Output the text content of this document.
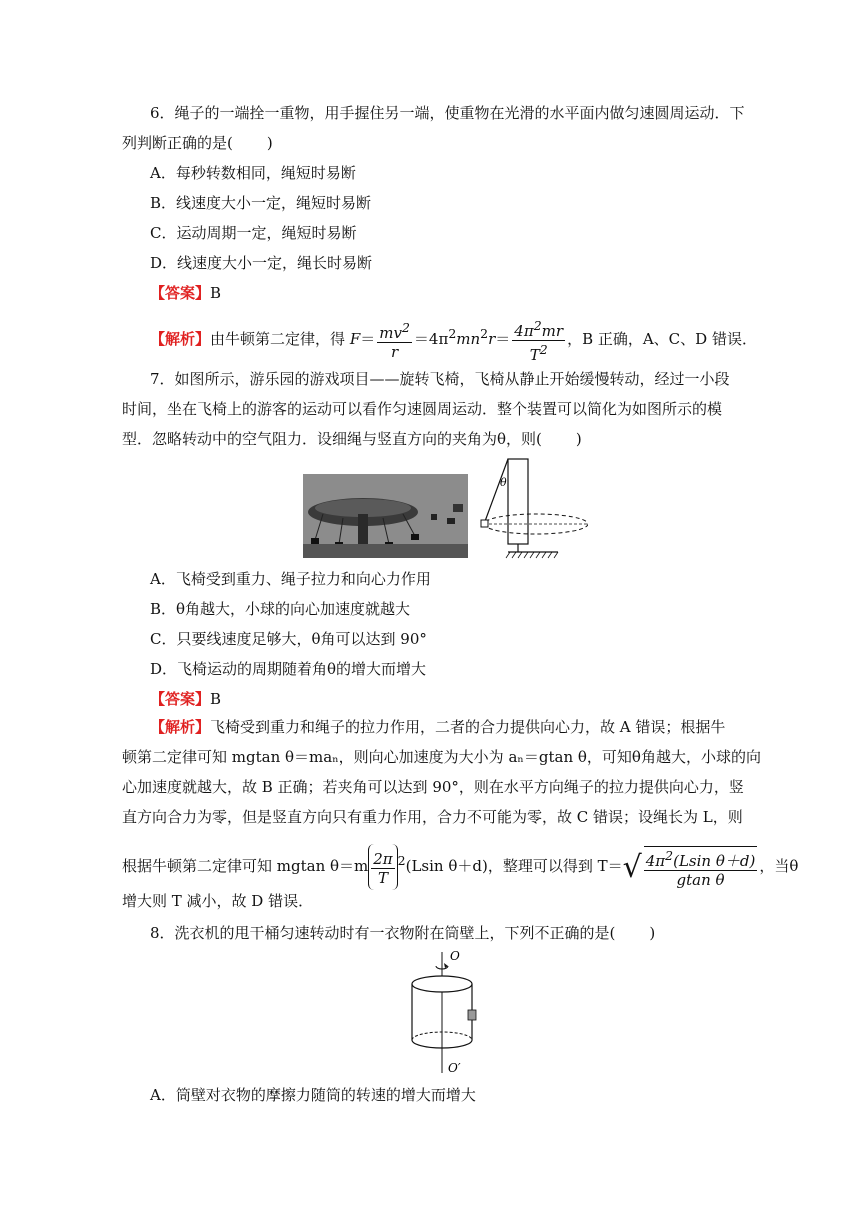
6．绳子的一端拴一重物，用手握住另一端，使重物在光滑的水平面内做匀速圆周运动．下
列判断正确的是( )
A．每秒转数相同，绳短时易断
B．线速度大小一定，绳短时易断
C．运动周期一定，绳短时易断
D．线速度大小一定，绳长时易断
【答案】B
【解析】由牛顿第二定律，得 $F= \frac{mv^2}{r} =4\pi^2mn^2r= \frac{4\pi^2mr}{T^2}$ ，B 正确，A、C、D 错误．
7．如图所示，游乐园的游戏项目——旋转飞椅，飞椅从静止开始缓慢转动，经过一小段
时间，坐在飞椅上的游客的运动可以看作匀速圆周运动．整个装置可以简化为如图所示的模
型．忽略转动中的空气阻力．设细绳与竖直方向的夹角为θ，则( )
θ
A．飞椅受到重力、绳子拉力和向心力作用
B．θ角越大，小球的向心加速度就越大
C．只要线速度足够大，θ角可以达到 90°
D．飞椅运动的周期随着角θ的增大而增大
【答案】B
【解析】飞椅受到重力和绳子的拉力作用，二者的合力提供向心力，故 A 错误；根据牛
顿第二定律可知 mgtan θ＝maₙ，则向心加速度为大小为 aₙ＝gtan θ，可知θ角越大，小球的向
心加速度就越大，故 B 正确；若夹角可以达到 90°，则在水平方向绳子的拉力提供向心力，竖
直方向合力为零，但是竖直方向只有重力作用，合力不可能为零，故 C 错误；设绳长为 L，则
根据牛顿第二定律可知 mgtan $\theta=m \frac{2\pi}{T} ^2(Lsin$ θ＋d)，整理可以得到 $T=√ \frac{4\pi^2(Lsin \theta+d)}{\text{gtan θ}}$ ，当θ
增大则 T 减小，故 D 错误．
8．洗衣机的甩干桶匀速转动时有一衣物附在筒壁上，下列不正确的是( )
O
O′
A．筒壁对衣物的摩擦力随筒的转速的增大而增大
